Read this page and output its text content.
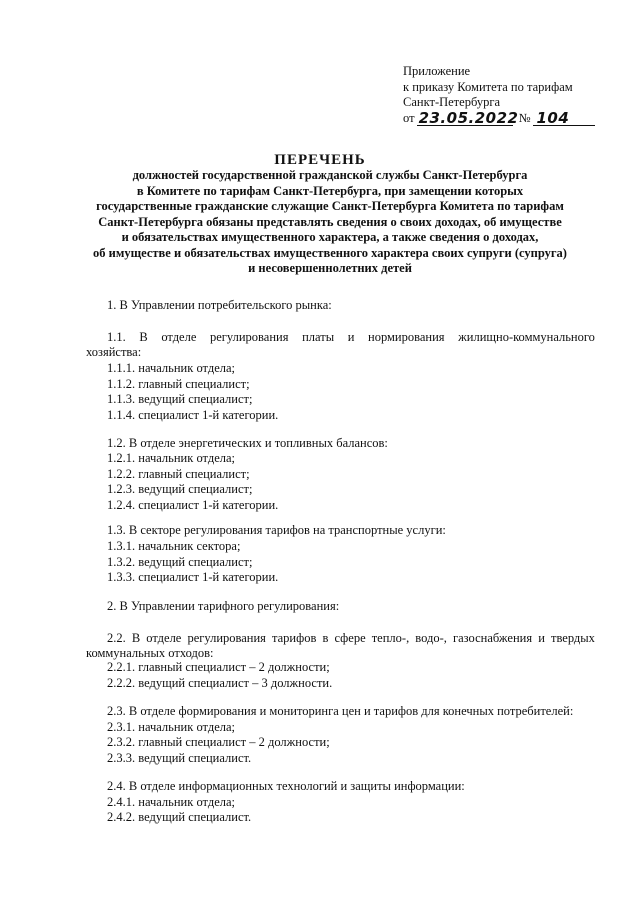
Приложение
к приказу Комитета по тарифам
Санкт-Петербурга
от 23.05.2022 № 104
ПЕРЕЧЕНЬ
должностей государственной гражданской службы Санкт-Петербурга
в Комитете по тарифам Санкт-Петербурга, при замещении которых
государственные гражданские служащие Санкт-Петербурга Комитета по тарифам
Санкт-Петербурга обязаны представлять сведения о своих доходах, об имуществе
и обязательствах имущественного характера, а также сведения о доходах,
об имуществе и обязательствах имущественного характера своих супруги (супруга)
и несовершеннолетних детей
1. В Управлении потребительского рынка:
1.1. В отделе регулирования платы и нормирования жилищно-коммунального
хозяйства:
1.1.1. начальник отдела;
1.1.2. главный специалист;
1.1.3. ведущий специалист;
1.1.4. специалист 1-й категории.
1.2. В отделе энергетических и топливных балансов:
1.2.1. начальник отдела;
1.2.2. главный специалист;
1.2.3. ведущий специалист;
1.2.4. специалист 1-й категории.
1.3. В секторе регулирования тарифов на транспортные услуги:
1.3.1. начальник сектора;
1.3.2. ведущий специалист;
1.3.3. специалист 1-й категории.
2. В Управлении тарифного регулирования:
2.2. В отделе регулирования тарифов в сфере тепло-, водо-, газоснабжения и твердых
коммунальных отходов:
2.2.1. главный специалист – 2 должности;
2.2.2. ведущий специалист – 3 должности.
2.3. В отделе формирования и мониторинга цен и тарифов для конечных потребителей:
2.3.1. начальник отдела;
2.3.2. главный специалист – 2 должности;
2.3.3. ведущий специалист.
2.4. В отделе информационных технологий и защиты информации:
2.4.1. начальник отдела;
2.4.2. ведущий специалист.
